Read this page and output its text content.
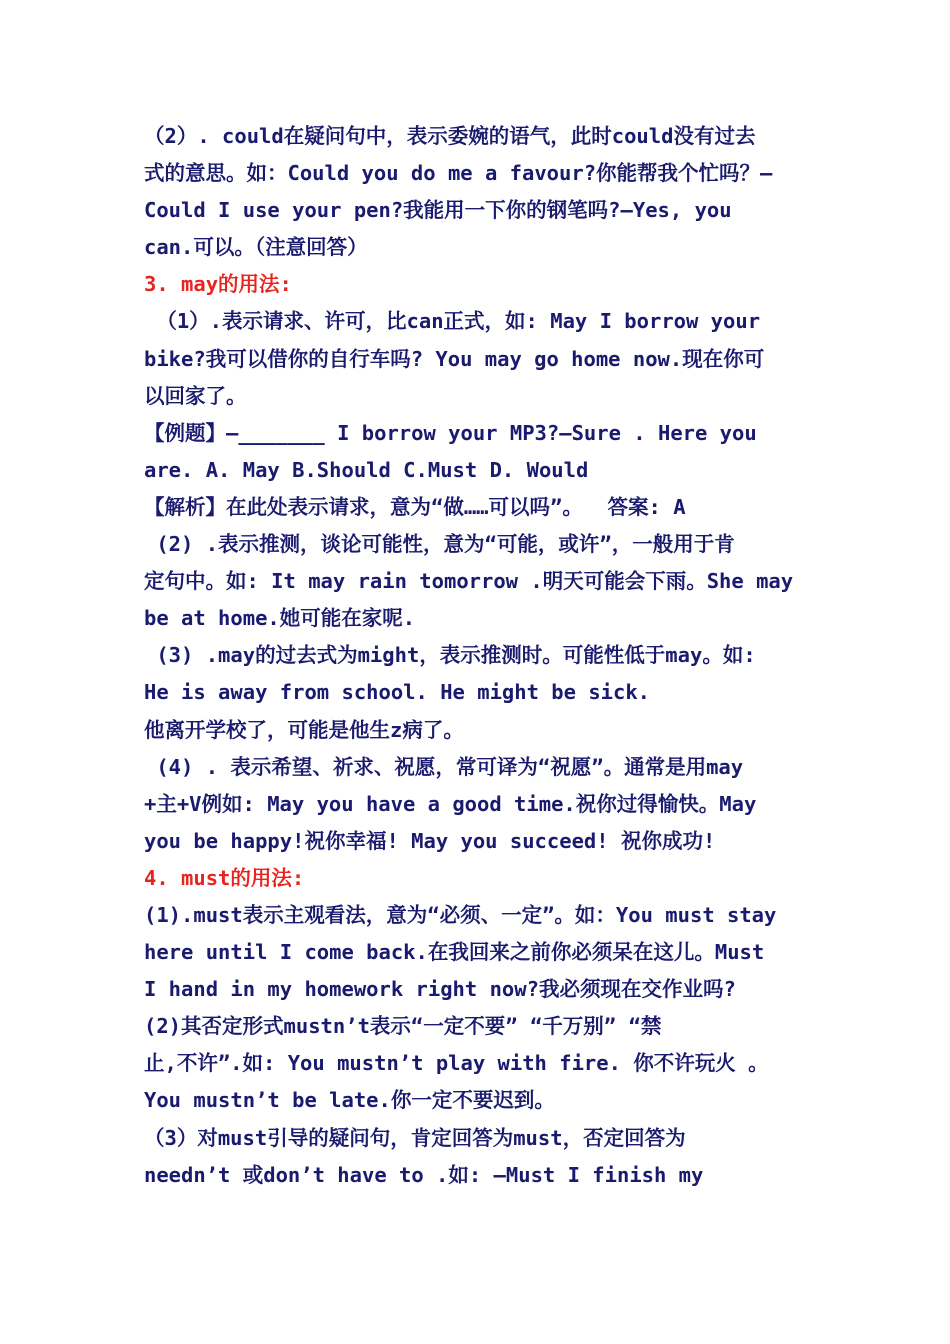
（2）. could在疑问句中，表示委婉的语气，此时could没有过去
式的意思。如：Could you do me a favour?你能帮我个忙吗？—
Could I use your pen?我能用一下你的钢笔吗?—Yes, you
can.可以。（注意回答）
3. may的用法:
（1）.表示请求、许可，比can正式，如: May I borrow your
bike?我可以借你的自行车吗? You may go home now.现在你可
以回家了。
【例题】—_______ I borrow your MP3?—Sure . Here you
are. A. May B.Should C.Must D. Would
【解析】在此处表示请求，意为“做……可以吗”。  答案: A
(2) .表示推测，谈论可能性，意为“可能，或许”，一般用于肯
定句中。如: It may rain tomorrow .明天可能会下雨。She may
be at home.她可能在家呢.
(3) .may的过去式为might，表示推测时。可能性低于may。如:
He is away from school. He might be sick.
他离开学校了，可能是他生z病了。
(4) . 表示希望、祈求、祝愿，常可译为“祝愿”。通常是用may
+主+V例如: May you have a good time.祝你过得愉快。May
you be happy!祝你幸福! May you succeed! 祝你成功!
4. must的用法:
(1).must表示主观看法，意为“必须、一定”。如：You must stay
here until I come back.在我回来之前你必须呆在这儿。Must
I hand in my homework right now?我必须现在交作业吗?
(2)其否定形式mustn’t表示“一定不要” “千万别” “禁
止,不许”.如: You mustn’t play with fire. 你不许玩火 。
You mustn’t be late.你一定不要迟到。
（3）对must引导的疑问句，肯定回答为must，否定回答为
needn’t 或don’t have to .如: —Must I finish my
